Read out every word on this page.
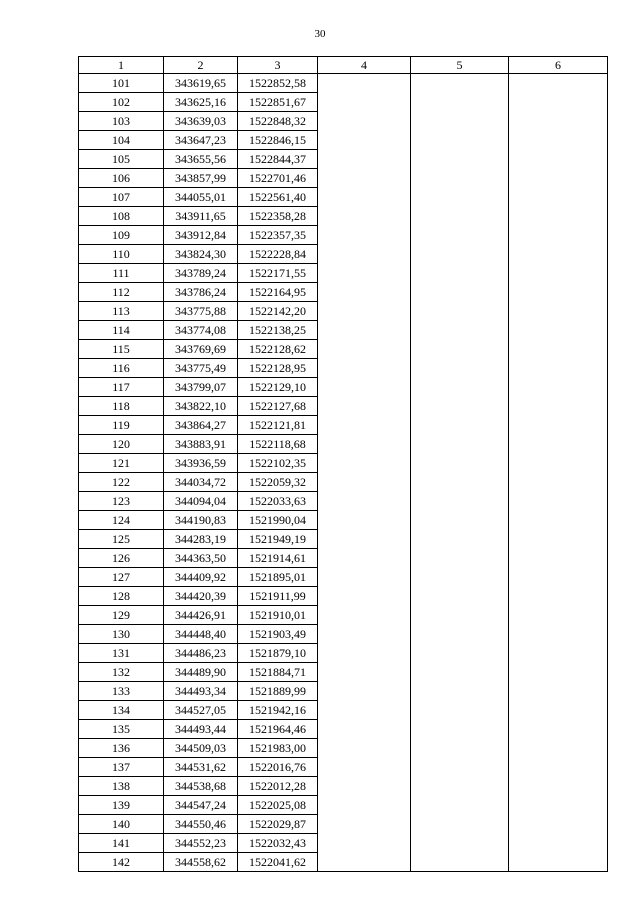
30
1	2	3	4	5	6
101	343619,65	1522852,58			
102	343625,16	1522851,67			
103	343639,03	1522848,32			
104	343647,23	1522846,15			
105	343655,56	1522844,37			
106	343857,99	1522701,46			
107	344055,01	1522561,40			
108	343911,65	1522358,28			
109	343912,84	1522357,35			
110	343824,30	1522228,84			
111	343789,24	1522171,55			
112	343786,24	1522164,95			
113	343775,88	1522142,20			
114	343774,08	1522138,25			
115	343769,69	1522128,62			
116	343775,49	1522128,95			
117	343799,07	1522129,10			
118	343822,10	1522127,68			
119	343864,27	1522121,81			
120	343883,91	1522118,68			
121	343936,59	1522102,35			
122	344034,72	1522059,32			
123	344094,04	1522033,63			
124	344190,83	1521990,04			
125	344283,19	1521949,19			
126	344363,50	1521914,61			
127	344409,92	1521895,01			
128	344420,39	1521911,99			
129	344426,91	1521910,01			
130	344448,40	1521903,49			
131	344486,23	1521879,10			
132	344489,90	1521884,71			
133	344493,34	1521889,99			
134	344527,05	1521942,16			
135	344493,44	1521964,46			
136	344509,03	1521983,00			
137	344531,62	1522016,76			
138	344538,68	1522012,28			
139	344547,24	1522025,08			
140	344550,46	1522029,87			
141	344552,23	1522032,43			
142	344558,62	1522041,62			
